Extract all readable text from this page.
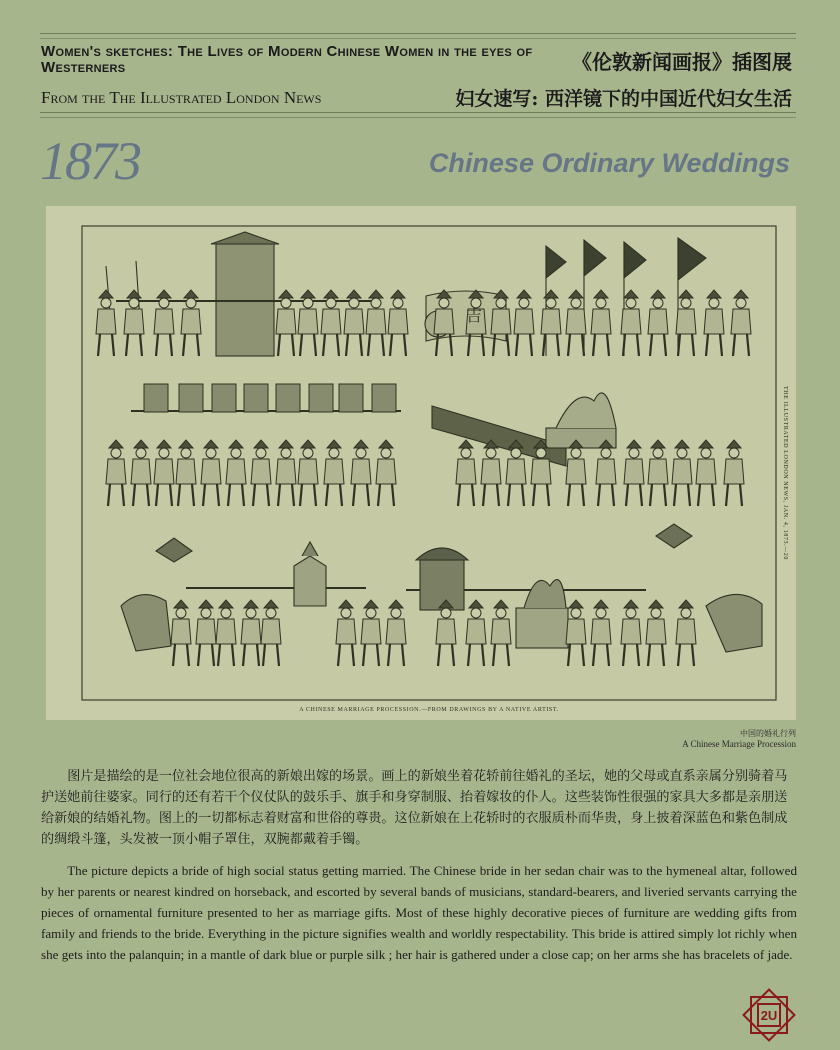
Women's sketches: The Lives of Modern Chinese Women in the eyes of Westerners
From the The Illustrated London News
《伦敦新闻画报》插图展
妇女速写: 西洋镜下的中国近代妇女生活
1873	Chinese Ordinary Weddings
吉
A CHINESE MARRIAGE PROCESSION.—FROM DRAWINGS BY A NATIVE ARTIST.
THE ILLUSTRATED LONDON NEWS, JAN. 4, 1873.—20
中国的婚礼行列
A Chinese Marriage Procession

图片是描绘的是一位社会地位很高的新娘出嫁的场景。画上的新娘坐着花轿前往婚礼的圣坛，她的父母或直系亲属分别骑着马护送她前往婆家。同行的还有若干个仪仗队的鼓乐手、旗手和身穿制服、抬着嫁妆的仆人。这些装饰性很强的家具大多都是亲朋送给新娘的结婚礼物。图上的一切都标志着财富和世俗的尊贵。这位新娘在上花轿时的衣服质朴而华贵，身上披着深蓝色和紫色制成的绸缎斗篷，头发被一顶小帽子罩住，双腕都戴着手镯。

The picture depicts a bride of high social status getting married. The Chinese bride in her sedan chair was to the hymeneal altar, followed by her parents or nearest kindred on horseback, and escorted by several bands of musicians, standard-bearers, and liveried servants carrying the pieces of ornamental furniture presented to her as marriage gifts. Most of these highly decorative pieces of furniture are wedding gifts from family and friends to the bride. Everything in the picture signifies wealth and worldly respectability. This bride is attired simply lot richly when she gets into the palanquin; in a mantle of dark blue or purple silk ; her hair is gathered under a close cap; on her arms she has bracelets of jade.

2U
